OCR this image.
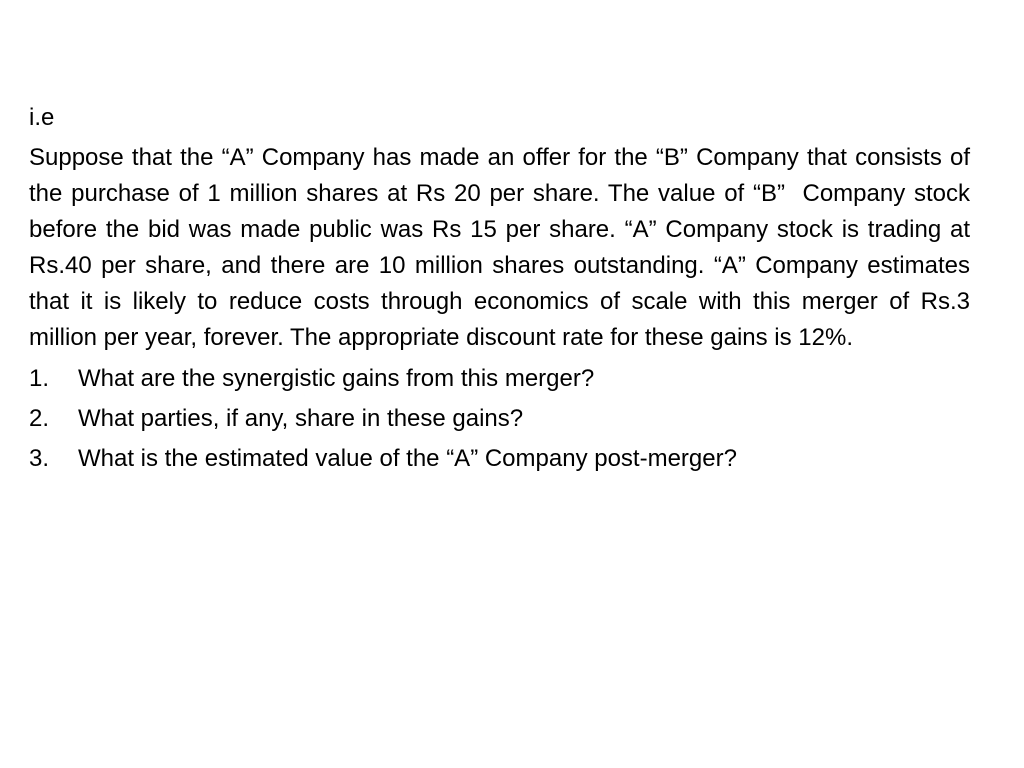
i.e

Suppose that the “A” Company has made an offer for the “B” Company that consists of the purchase of 1 million shares at Rs 20 per share. The value of “B”  Company stock before the bid was made public was Rs 15 per share. “A” Company stock is trading at Rs.40 per share, and there are 10 million shares outstanding. “A” Company estimates that it is likely to reduce costs through economics of scale with this merger of Rs.3 million per year, forever. The appropriate discount rate for these gains is 12%.

1.	What are the synergistic gains from this merger?
2.	What parties, if any, share in these gains?
3.	What is the estimated value of the “A” Company post-merger?
